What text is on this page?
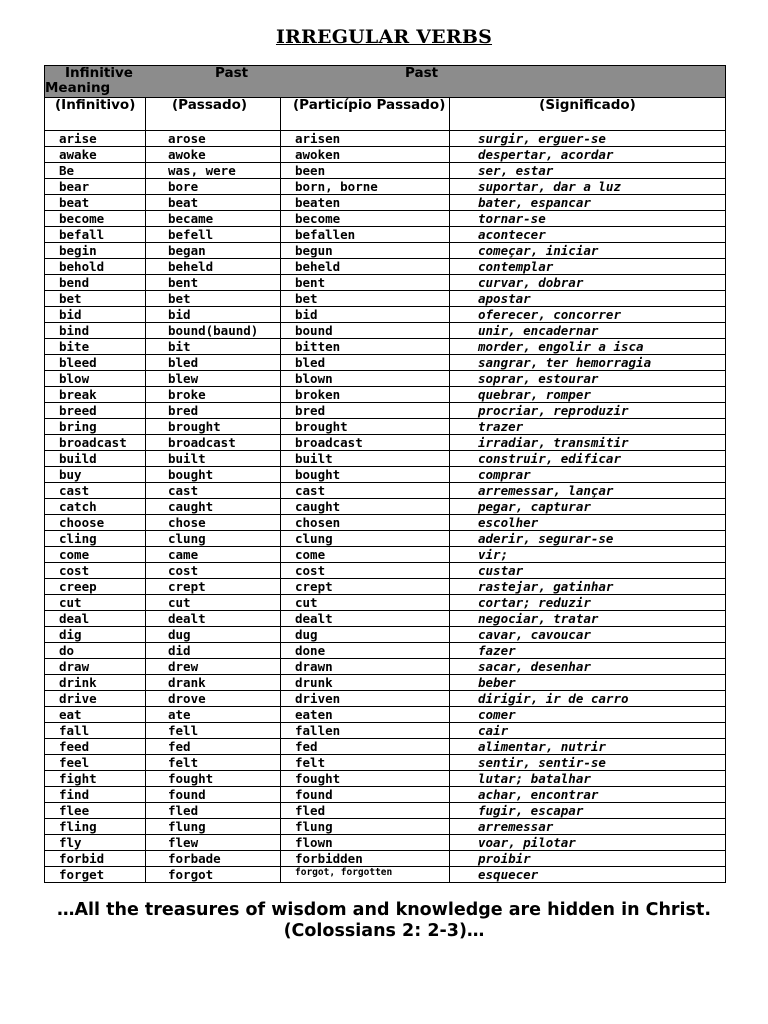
IRREGULAR VERBS
Infinitive Past Past
Meaning			

(Infinitivo)	(Passado)	(Particípio Passado)	(Significado)
arise	arose	arisen	surgir, erguer-se
awake	awoke	awoken	despertar, acordar
Be	was, were	been	ser, estar
bear	bore	born, borne	suportar, dar a luz
beat	beat	beaten	bater, espancar
become	became	become	tornar-se
befall	befell	befallen	acontecer
begin	began	begun	começar, iniciar
behold	beheld	beheld	contemplar
bend	bent	bent	curvar, dobrar
bet	bet	bet	apostar
bid	bid	bid	oferecer, concorrer
bind	bound(baund)	bound	unir, encadernar
bite	bit	bitten	morder, engolir a isca
bleed	bled	bled	sangrar, ter hemorragia
blow	blew	blown	soprar, estourar
break	broke	broken	quebrar, romper
breed	bred	bred	procriar, reproduzir
bring	brought	brought	trazer
broadcast	broadcast	broadcast	irradiar, transmitir
build	built	built	construir, edificar
buy	bought	bought	comprar
cast	cast	cast	arremessar, lançar
catch	caught	caught	pegar, capturar
choose	chose	chosen	escolher
cling	clung	clung	aderir, segurar-se
come	came	come	vir;
cost	cost	cost	custar
creep	crept	crept	rastejar, gatinhar
cut	cut	cut	cortar; reduzir
deal	dealt	dealt	negociar, tratar
dig	dug	dug	cavar, cavoucar
do	did	done	fazer
draw	drew	drawn	sacar, desenhar
drink	drank	drunk	beber
drive	drove	driven	dirigir, ir de carro
eat	ate	eaten	comer
fall	fell	fallen	cair
feed	fed	fed	alimentar, nutrir
feel	felt	felt	sentir, sentir-se
fight	fought	fought	lutar; batalhar
find	found	found	achar, encontrar
flee	fled	fled	fugir, escapar
fling	flung	flung	arremessar
fly	flew	flown	voar, pilotar
forbid	forbade	forbidden	proibir
forget	forgot	forgot, forgotten	esquecer
…All the treasures of wisdom and knowledge are hidden in Christ.
(Colossians 2: 2-3)…
